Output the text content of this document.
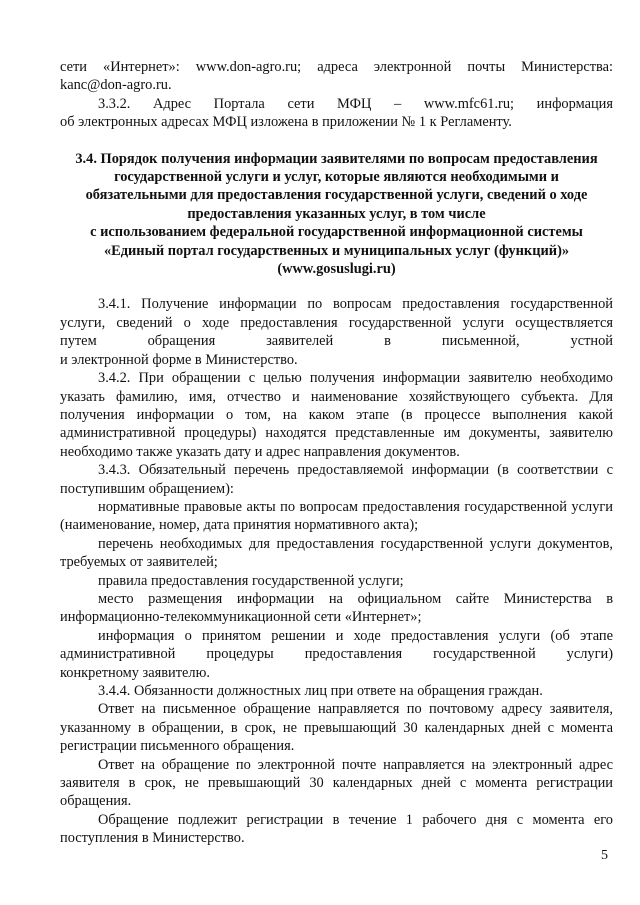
сети «Интернет»: www.don-agro.ru; адреса электронной почты Министерства:

kanc@don-agro.ru.

3.3.2. Адрес Портала сети МФЦ – www.mfc61.ru; информация

об электронных адресах МФЦ изложена в приложении № 1 к Регламенту.

3.4. Порядок получения информации заявителями по вопросам предоставления
государственной услуги и услуг, которые являются необходимыми и
обязательными для предоставления государственной услуги, сведений о ходе
предоставления указанных услуг, в том числе
с использованием федеральной государственной информационной системы
«Единый портал государственных и муниципальных услуг (функций)»
(www.gosuslugi.ru)

3.4.1. Получение информации по вопросам предоставления государственной услуги, сведений о ходе предоставления государственной услуги осуществляется

путем обращения заявителей в письменной, устной

и электронной форме в Министерство.

3.4.2. При обращении с целью получения информации заявителю необходимо указать фамилию, имя, отчество и наименование хозяйствующего субъекта. Для получения информации о том, на каком этапе (в процессе выполнения какой административной процедуры) находятся представленные им документы, заявителю необходимо также указать дату и адрес направления документов.

3.4.3. Обязательный перечень предоставляемой информации (в соответствии с поступившим обращением):

нормативные правовые акты по вопросам предоставления государственной услуги (наименование, номер, дата принятия нормативного акта);

перечень необходимых для предоставления государственной услуги документов, требуемых от заявителей;

правила предоставления государственной услуги;

место размещения информации на официальном сайте Министерства в информационно-телекоммуникационной сети «Интернет»;

информация о принятом решении и ходе предоставления услуги (об этапе

административной процедуры предоставления государственной услуги)

конкретному заявителю.

3.4.4. Обязанности должностных лиц при ответе на обращения граждан.

Ответ на письменное обращение направляется по почтовому адресу заявителя, указанному в обращении, в срок, не превышающий 30 календарных дней с момента регистрации письменного обращения.

Ответ на обращение по электронной почте направляется на электронный адрес заявителя в срок, не превышающий 30 календарных дней с момента регистрации обращения.

Обращение подлежит регистрации в течение 1 рабочего дня с момента его поступления в Министерство.

5
